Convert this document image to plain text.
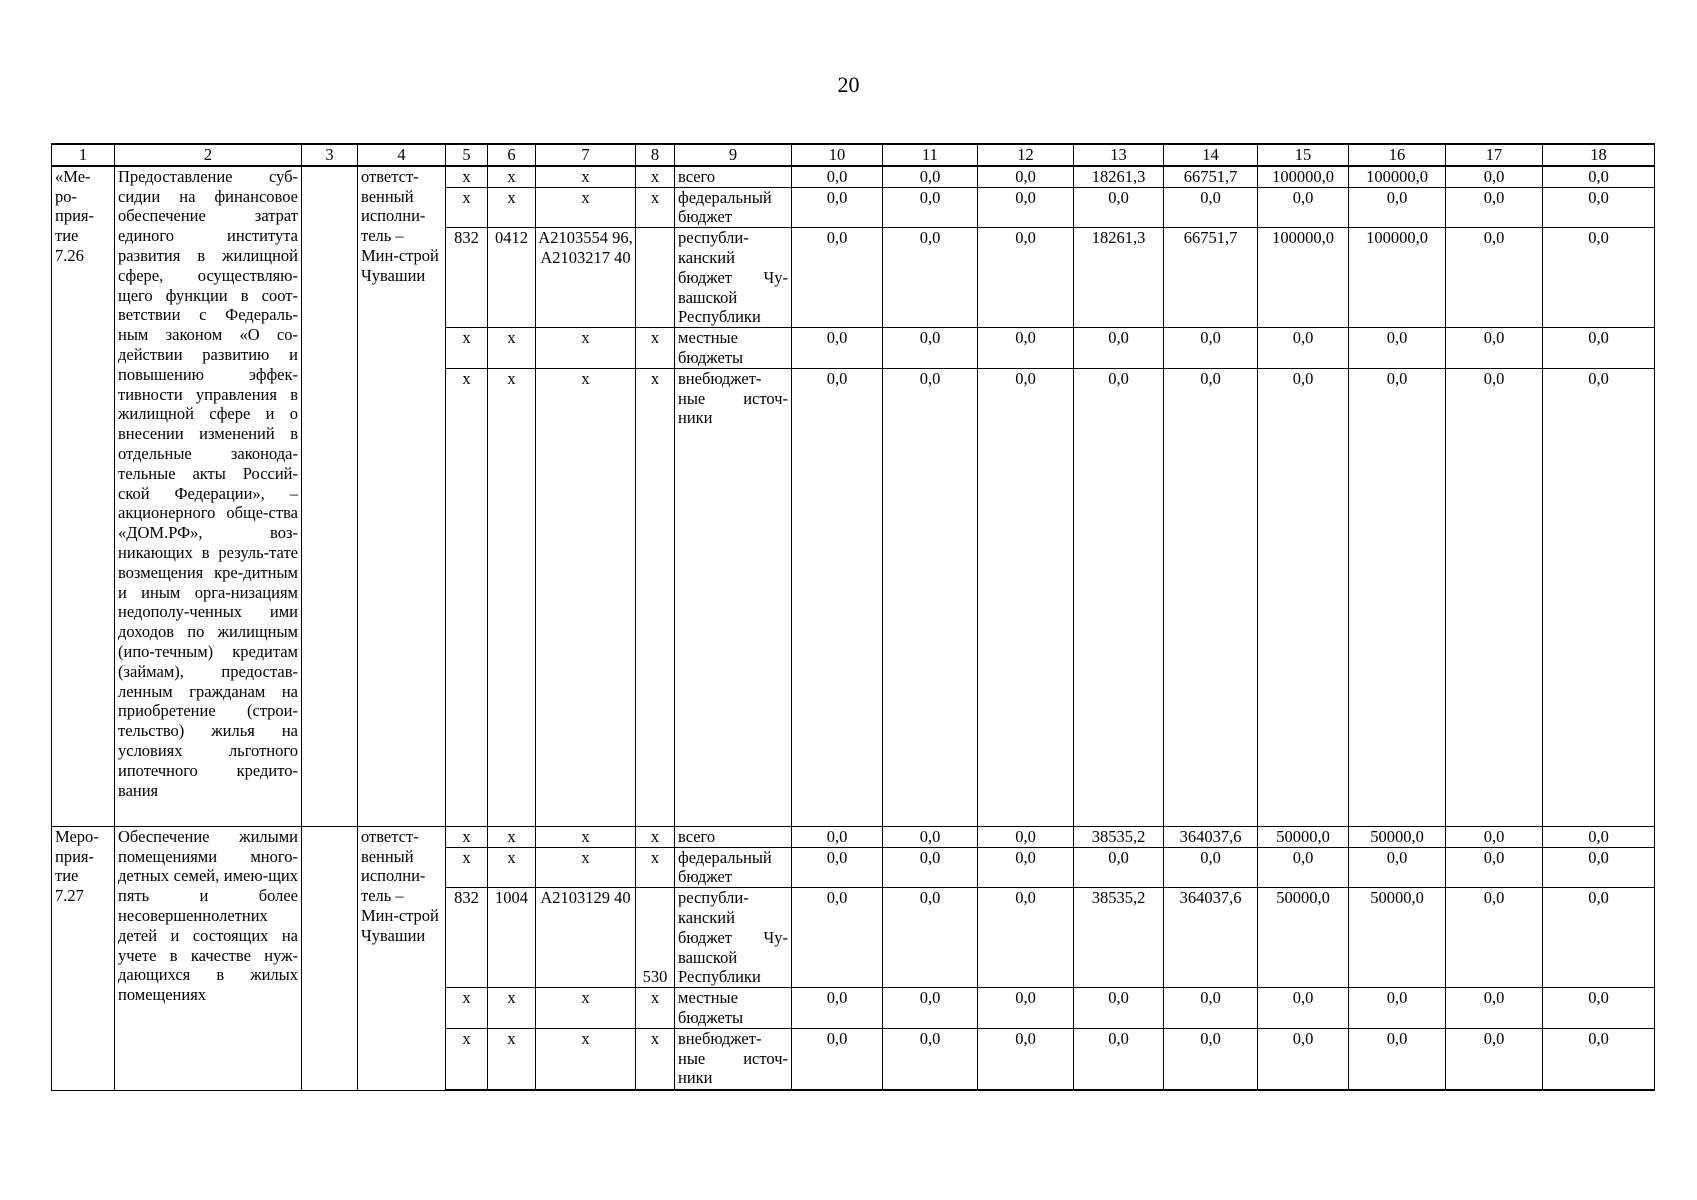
20
1	2	3	4	5	6	7	8	9	10	11	12	13	14	15	16	17	18
«Ме-ро-прия-тие 7.26	Предоставление суб-сидии на финансовое обеспечение затрат единого института развития в жилищной сфере, осуществляю-щего функции в соот-ветствии с Федераль-ным законом «О со-действии развитию и повышению эффек-тивности управления в жилищной сфере и о внесении изменений в отдельные законода-тельные акты Россий-ской Федерации», – акционерного обще-ства «ДОМ.РФ», воз-никающих в резуль-тате возмещения кре-дитным и иным орга-низациям недополу-ченных ими доходов по жилищным (ипо-течным) кредитам (займам), предостав-ленным гражданам на приобретение (строи-тельство) жилья на условиях льготного ипотечного кредито-вания		ответст-венный исполни-тель – Мин-строй Чувашии	x	x	x	x	всего	0,0	0,0	0,0	18261,3	66751,7	100000,0	100000,0	0,0	0,0
				x	x	x	x	федеральный бюджет	0,0	0,0	0,0	0,0	0,0	0,0	0,0	0,0	0,0
				832	0412	A2103554 96, A2103217 40		республи-канский бюджет Чу-вашской Республики	0,0	0,0	0,0	18261,3	66751,7	100000,0	100000,0	0,0	0,0
				x	x	x	x	местные бюджеты	0,0	0,0	0,0	0,0	0,0	0,0	0,0	0,0	0,0
				x	x	x	x	внебюджет-ные источ-ники	0,0	0,0	0,0	0,0	0,0	0,0	0,0	0,0	0,0
Меро-прия-тие 7.27	Обеспечение жилыми помещениями много-детных семей, имею-щих пять и более несовершеннолетних детей и состоящих на учете в качестве нуж-дающихся в жилых помещениях		ответст-венный исполни-тель – Мин-строй Чувашии	x	x	x	x	всего	0,0	0,0	0,0	38535,2	364037,6	50000,0	50000,0	0,0	0,0
				x	x	x	x	федеральный бюджет	0,0	0,0	0,0	0,0	0,0	0,0	0,0	0,0	0,0
				832	1004	A2103129 40	530	республи-канский бюджет Чу-вашской Республики	0,0	0,0	0,0	38535,2	364037,6	50000,0	50000,0	0,0	0,0
				x	x	x	x	местные бюджеты	0,0	0,0	0,0	0,0	0,0	0,0	0,0	0,0	0,0
				x	x	x	x	внебюджет-ные источ-ники	0,0	0,0	0,0	0,0	0,0	0,0	0,0	0,0	0,0
